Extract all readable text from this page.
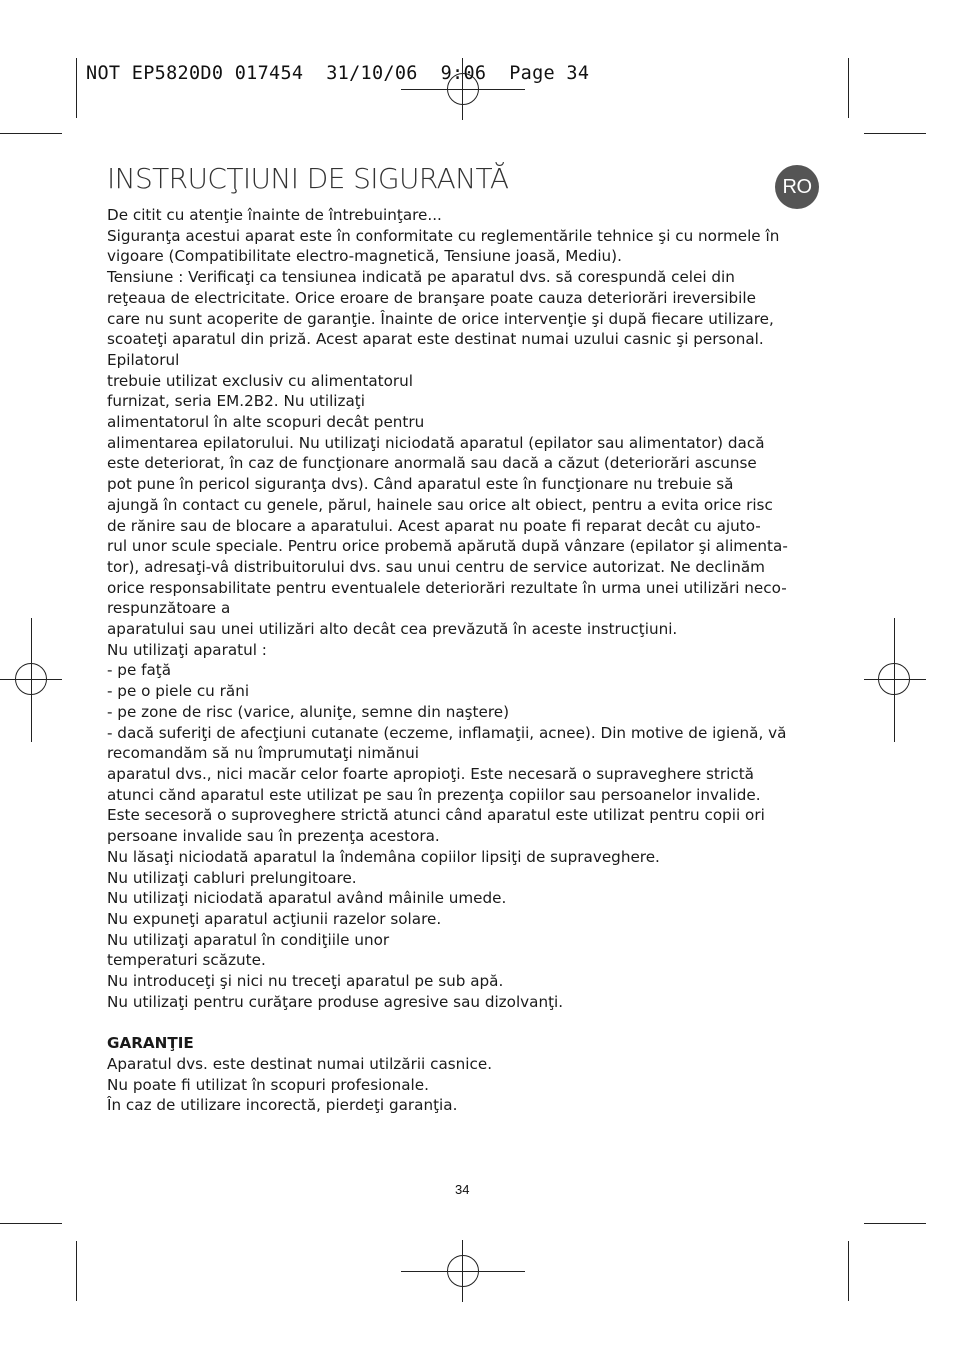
NOT EP5820D0 017454  31/10/06  9:06  Page 34
INSTRUCŢIUNI DE SIGURANTĂ	RO
De citit cu atenţie înainte de întrebuinţare...
Siguranţa acestui aparat este în conformitate cu reglementările tehnice şi cu normele în
vigoare (Compatibilitate electro-magnetică, Tensiune joasă, Mediu).
Tensiune : Verificaţi ca tensiunea indicată pe aparatul dvs. să corespundă celei din
reţeaua de electricitate. Orice eroare de branşare poate cauza deteriorări ireversibile
care nu sunt acoperite de garanţie. Înainte de orice intervenţie şi după fiecare utilizare,
scoateţi aparatul din priză. Acest aparat este destinat numai uzului casnic şi personal.
Epilatorul
trebuie utilizat exclusiv cu alimentatorul
furnizat, seria EM.2B2. Nu utilizaţi
alimentatorul în alte scopuri decât pentru
alimentarea epilatorului. Nu utilizaţi niciodată aparatul (epilator sau alimentator) dacă
este deteriorat, în caz de funcţionare anormală sau dacă a căzut (deteriorări ascunse
pot pune în pericol siguranţa dvs). Când aparatul este în funcţionare nu trebuie să
ajungă în contact cu genele, părul, hainele sau orice alt obiect, pentru a evita orice risc
de rănire sau de blocare a aparatului. Acest aparat nu poate fi reparat decât cu ajuto-
rul unor scule speciale. Pentru orice probemă apărută după vânzare (epilator şi alimenta-
tor), adresaţi-vâ distribuitorului dvs. sau unui centru de service autorizat. Ne declinăm
orice responsabilitate pentru eventualele deteriorări rezultate în urma unei utilizări neco-
respunzătoare a
aparatului sau unei utilizări alto decât cea prevăzută în aceste instrucţiuni.
Nu utilizaţi aparatul :
- pe faţă
- pe o piele cu răni
- pe zone de risc (varice, aluniţe, semne din naştere)
- dacă suferiţi de afecţiuni cutanate (eczeme, inflamaţii, acnee). Din motive de igienă, vă
recomandăm să nu împrumutaţi nimănui
aparatul dvs., nici macăr celor foarte apropioţi. Este necesară o supraveghere strictă
atunci cănd aparatul este utilizat pe sau în prezenţa copiilor sau persoanelor invalide.
Este secesoră o suproveghere strictă atunci când aparatul este utilizat pentru copii ori
persoane invalide sau în prezenţa acestora.
Nu lăsaţi niciodată aparatul la îndemâna copiilor lipsiţi de supraveghere.
Nu utilizaţi cabluri prelungitoare.
Nu utilizaţi niciodată aparatul având mâinile umede.
Nu expuneţi aparatul acţiunii razelor solare.
Nu utilizaţi aparatul în condiţiile unor
temperaturi scăzute.
Nu introduceţi şi nici nu treceţi aparatul pe sub apă.
Nu utilizaţi pentru curăţare produse agresive sau dizolvanţi.
GARANŢIE
Aparatul dvs. este destinat numai utilzării casnice.
Nu poate fi utilizat în scopuri profesionale.
În caz de utilizare incorectă, pierdeţi garanţia.
34
